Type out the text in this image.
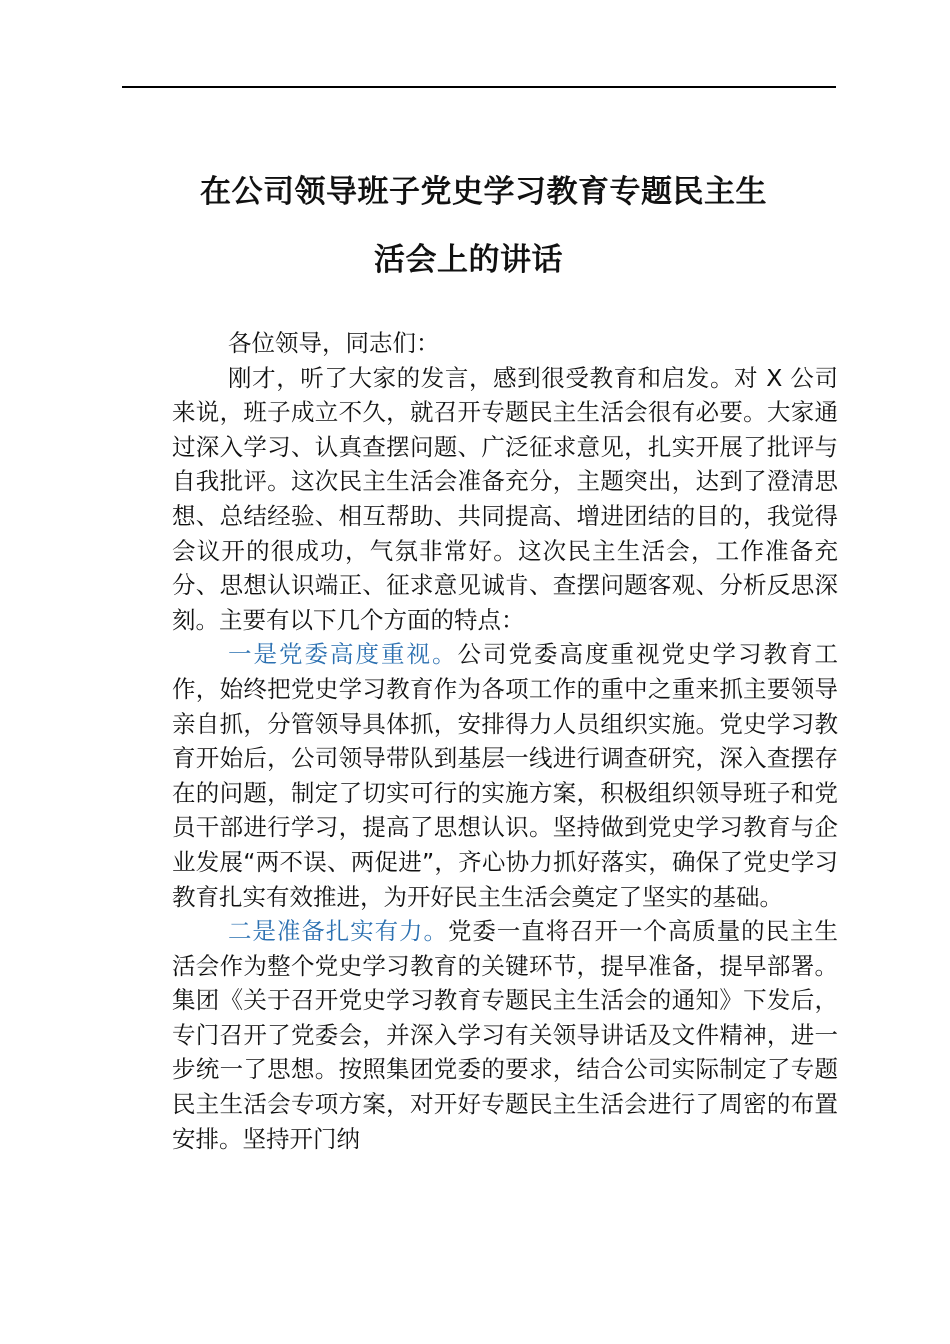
在公司领导班子党史学习教育专题民主生
活会上的讲话

各位领导，同志们：

刚才，听了大家的发言，感到很受教育和启发。对 X 公司来说，班子成立不久，就召开专题民主生活会很有必要。大家通过深入学习、认真查摆问题、广泛征求意见，扎实开展了批评与自我批评。这次民主生活会准备充分，主题突出，达到了澄清思想、总结经验、相互帮助、共同提高、增进团结的目的，我觉得会议开的很成功，气氛非常好。这次民主生活会，工作准备充分、思想认识端正、征求意见诚肯、查摆问题客观、分析反思深刻。主要有以下几个方面的特点：

一是党委高度重视。公司党委高度重视党史学习教育工作，始终把党史学习教育作为各项工作的重中之重来抓主要领导亲自抓，分管领导具体抓，安排得力人员组织实施。党史学习教育开始后，公司领导带队到基层一线进行调查研究，深入查摆存在的问题，制定了切实可行的实施方案，积极组织领导班子和党员干部进行学习，提高了思想认识。坚持做到党史学习教育与企业发展“两不误、两促进”，齐心协力抓好落实，确保了党史学习教育扎实有效推进，为开好民主生活会奠定了坚实的基础。

二是准备扎实有力。党委一直将召开一个高质量的民主生活会作为整个党史学习教育的关键环节，提早准备，提早部署。集团《关于召开党史学习教育专题民主生活会的通知》下发后，专门召开了党委会，并深入学习有关领导讲话及文件精神，进一步统一了思想。按照集团党委的要求，结合公司实际制定了专题民主生活会专项方案，对开好专题民主生活会进行了周密的布置安排。坚持开门纳
